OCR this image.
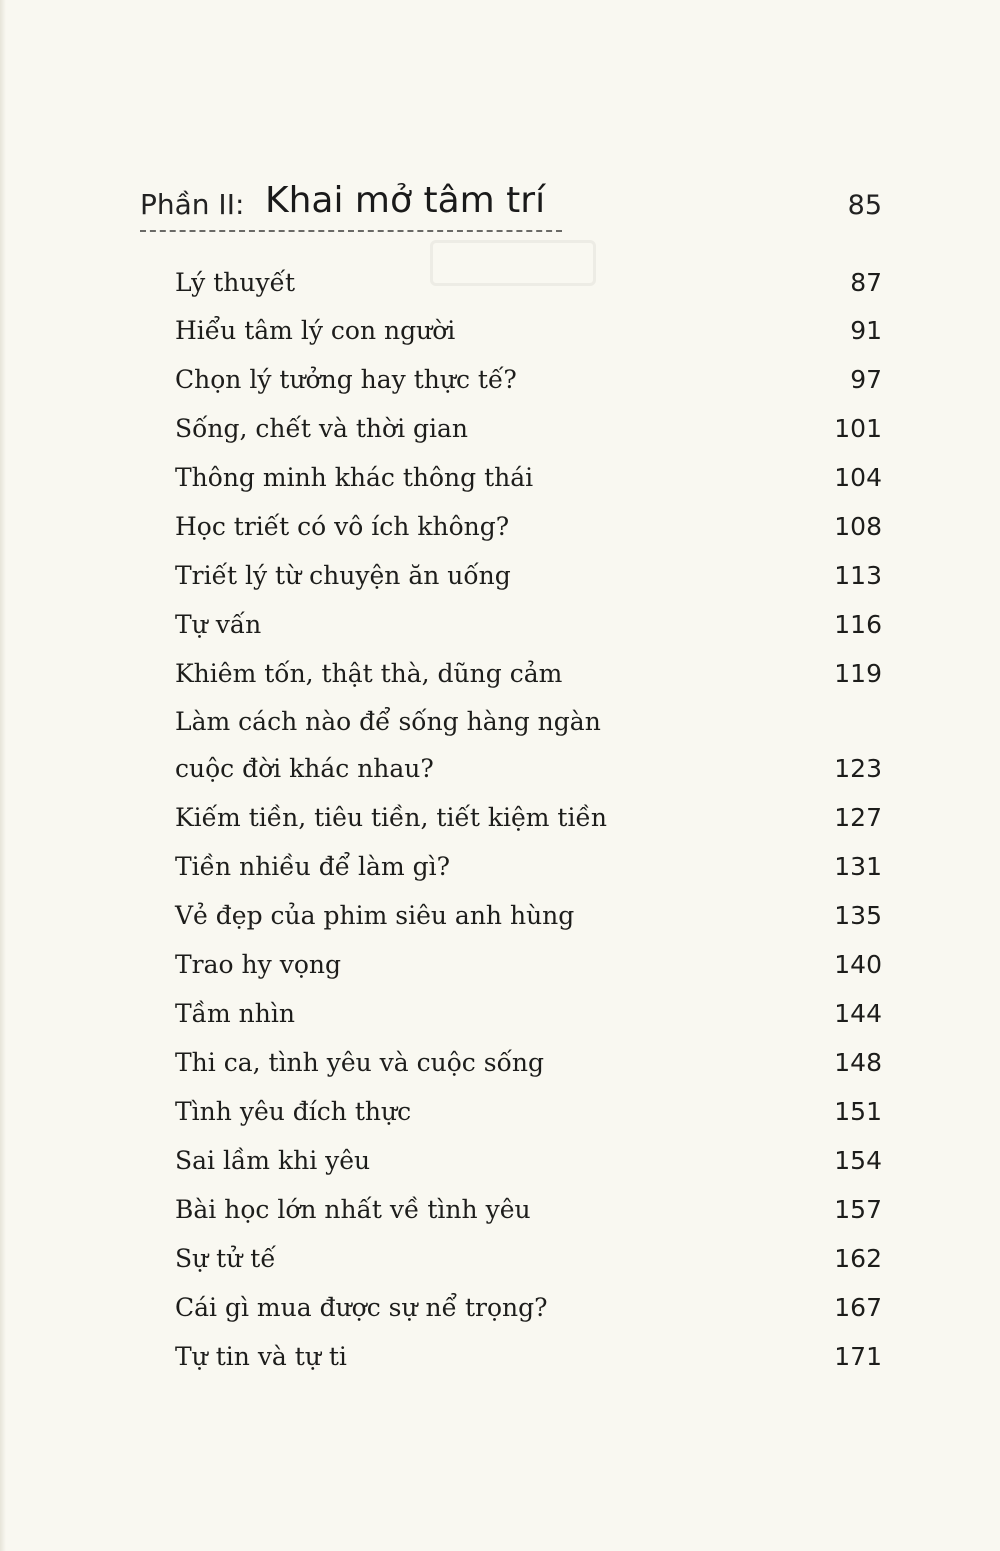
Phần II: Khai mở tâm trí	85
Lý thuyết	87
Hiểu tâm lý con người	91
Chọn lý tưởng hay thực tế?	97
Sống, chết và thời gian	101
Thông minh khác thông thái	104
Học triết có vô ích không?	108
Triết lý từ chuyện ăn uống	113
Tự vấn	116
Khiêm tốn, thật thà, dũng cảm	119
Làm cách nào để sống hàng ngàn
cuộc đời khác nhau?	123
Kiếm tiền, tiêu tiền, tiết kiệm tiền	127
Tiền nhiều để làm gì?	131
Vẻ đẹp của phim siêu anh hùng	135
Trao hy vọng	140
Tầm nhìn	144
Thi ca, tình yêu và cuộc sống	148
Tình yêu đích thực	151
Sai lầm khi yêu	154
Bài học lớn nhất về tình yêu	157
Sự tử tế	162
Cái gì mua được sự nể trọng?	167
Tự tin và tự ti	171
